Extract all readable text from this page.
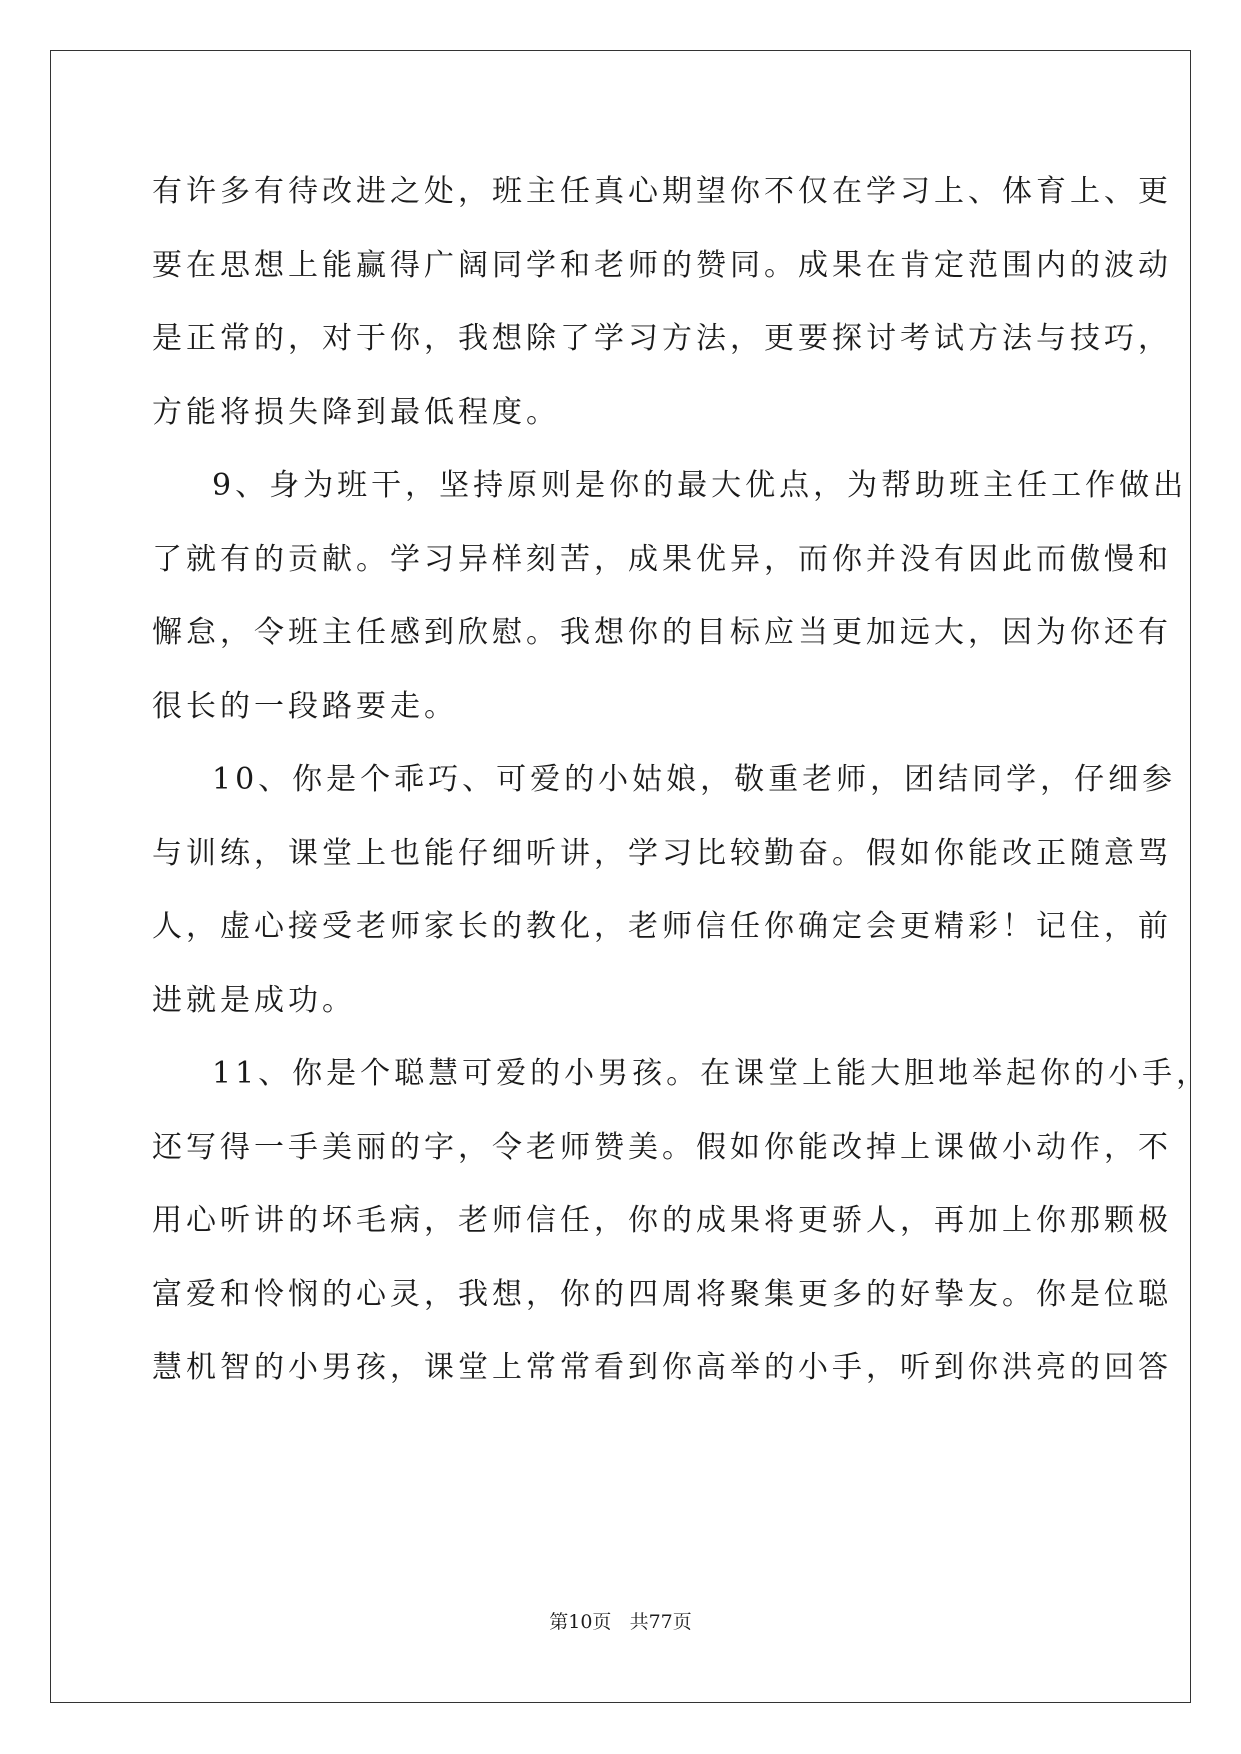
有许多有待改进之处，班主任真心期望你不仅在学习上、体育上、更
要在思想上能赢得广阔同学和老师的赞同。成果在肯定范围内的波动
是正常的，对于你，我想除了学习方法，更要探讨考试方法与技巧，
方能将损失降到最低程度。
9、身为班干，坚持原则是你的最大优点，为帮助班主任工作做出
了就有的贡献。学习异样刻苦，成果优异，而你并没有因此而傲慢和
懈怠，令班主任感到欣慰。我想你的目标应当更加远大，因为你还有
很长的一段路要走。
10、你是个乖巧、可爱的小姑娘，敬重老师，团结同学，仔细参
与训练，课堂上也能仔细听讲，学习比较勤奋。假如你能改正随意骂
人，虚心接受老师家长的教化，老师信任你确定会更精彩！记住，前
进就是成功。
11、你是个聪慧可爱的小男孩。在课堂上能大胆地举起你的小手，
还写得一手美丽的字，令老师赞美。假如你能改掉上课做小动作，不
用心听讲的坏毛病，老师信任，你的成果将更骄人，再加上你那颗极
富爱和怜悯的心灵，我想，你的四周将聚集更多的好挚友。你是位聪
慧机智的小男孩，课堂上常常看到你高举的小手，听到你洪亮的回答
第10页 共77页
